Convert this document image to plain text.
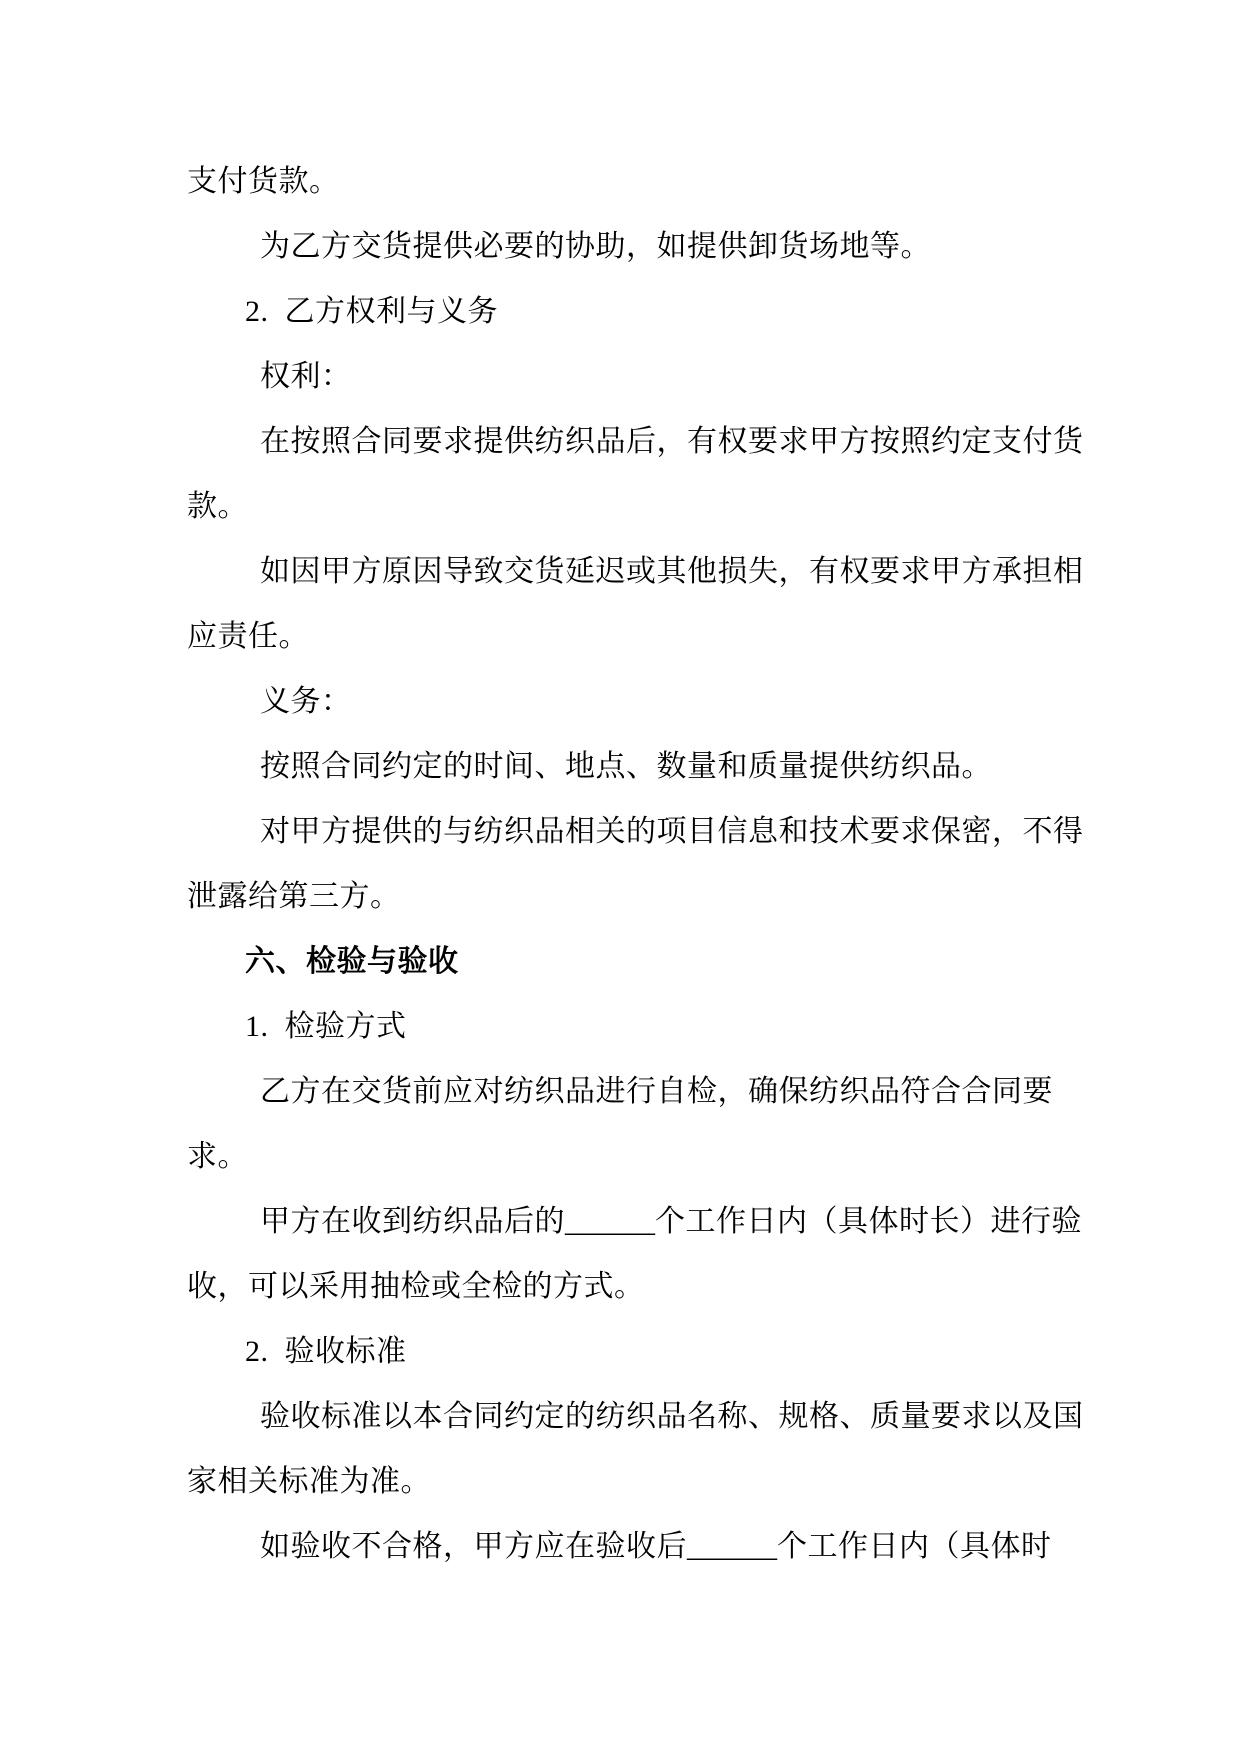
支付货款。
为乙方交货提供必要的协助，如提供卸货场地等。
2.  乙方权利与义务
权利：
在按照合同要求提供纺织品后，有权要求甲方按照约定支付货
款。
如因甲方原因导致交货延迟或其他损失，有权要求甲方承担相
应责任。
义务：
按照合同约定的时间、地点、数量和质量提供纺织品。
对甲方提供的与纺织品相关的项目信息和技术要求保密，不得
泄露给第三方。
六、检验与验收
1.  检验方式
乙方在交货前应对纺织品进行自检，确保纺织品符合合同要
求。
甲方在收到纺织品后的______个工作日内（具体时长）进行验
收，可以采用抽检或全检的方式。
2.  验收标准
验收标准以本合同约定的纺织品名称、规格、质量要求以及国
家相关标准为准。
如验收不合格，甲方应在验收后______个工作日内（具体时
